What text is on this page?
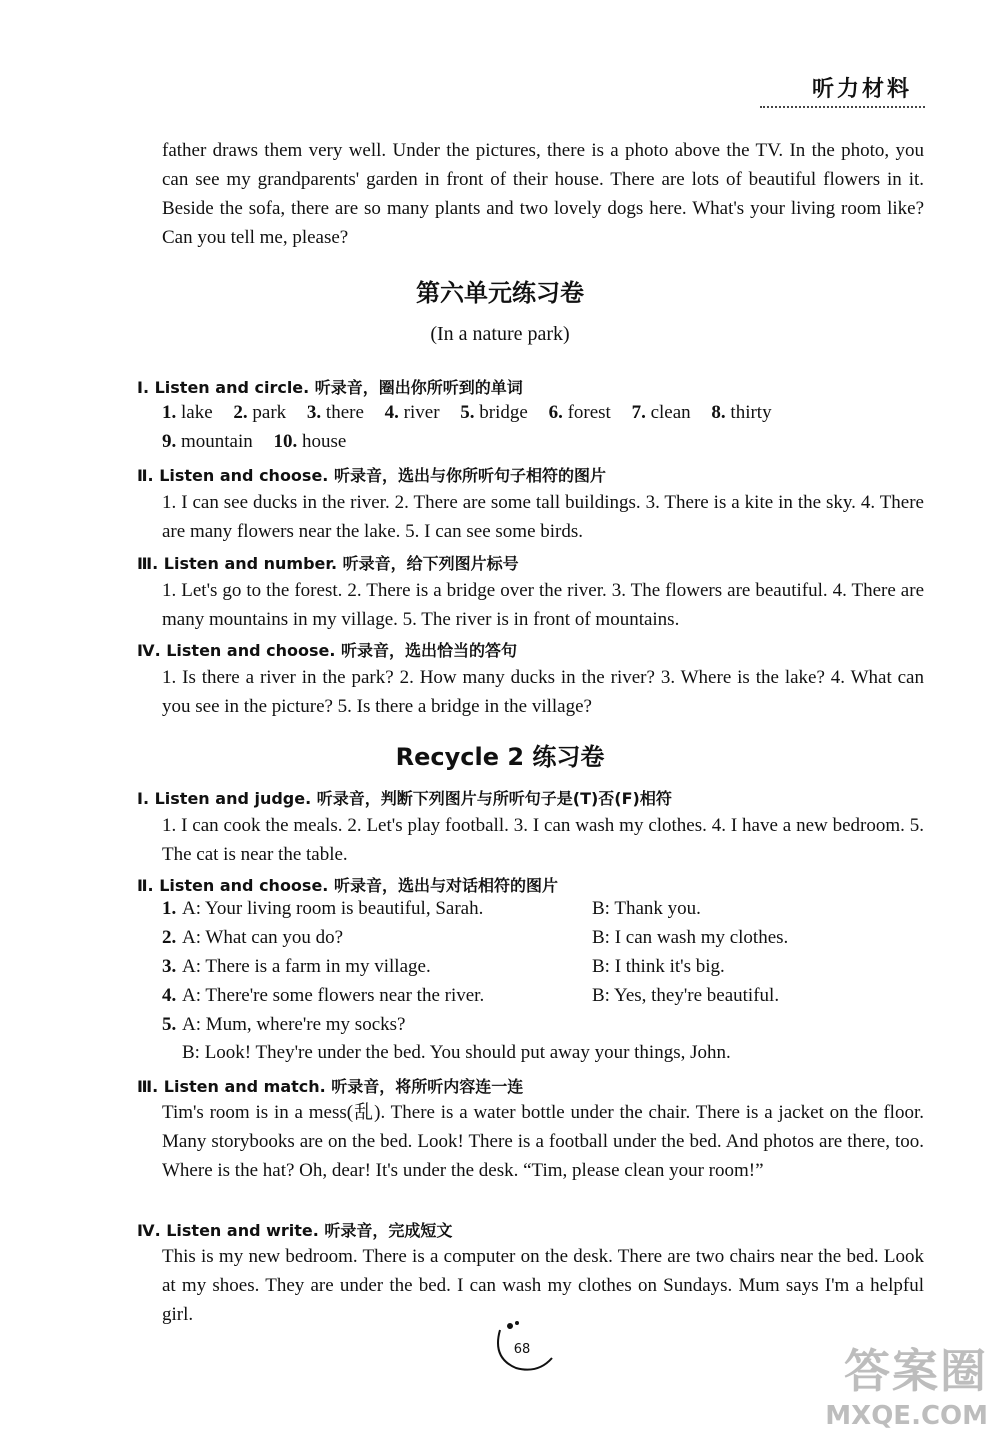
听力材料

father draws them very well. Under the pictures, there is a photo above the TV. In the photo, you can see my grandparents' garden in front of their house. There are lots of beautiful flowers in it. Beside the sofa, there are so many plants and two lovely dogs here. What's your living room like? Can you tell me, please?

第六单元练习卷
(In a nature park)
Ⅰ. Listen and circle. 听录音，圈出你所听到的单词
1. lake 2. park 3. there 4. river 5. bridge 6. forest 7. clean 8. thirty
9. mountain 10. house
Ⅱ. Listen and choose. 听录音，选出与你所听句子相符的图片

1. I can see ducks in the river. 2. There are some tall buildings. 3. There is a kite in the sky. 4. There are many flowers near the lake. 5. I can see some birds.

Ⅲ. Listen and number. 听录音，给下列图片标号

1. Let's go to the forest. 2. There is a bridge over the river. 3. The flowers are beautiful. 4. There are many mountains in my village. 5. The river is in front of mountains.

Ⅳ. Listen and choose. 听录音，选出恰当的答句

1. Is there a river in the park? 2. How many ducks in the river? 3. Where is the lake? 4. What can you see in the picture? 5. Is there a bridge in the village?

Recycle 2 练习卷
Ⅰ. Listen and judge. 听录音，判断下列图片与所听句子是(T)否(F)相符

1. I can cook the meals. 2. Let's play football. 3. I can wash my clothes. 4. I have a new bedroom. 5. The cat is near the table.

Ⅱ. Listen and choose. 听录音，选出与对话相符的图片
1. A: Your living room is beautiful, Sarah.	B: Thank you.
2. A: What can you do?	B: I can wash my clothes.
3. A: There is a farm in my village.	B: I think it's big.
4. A: There're some flowers near the river.	B: Yes, they're beautiful.
5. A: Mum, where're my socks?
B: Look! They're under the bed. You should put away your things, John.
Ⅲ. Listen and match. 听录音，将所听内容连一连

Tim's room is in a mess(乱). There is a water bottle under the chair. There is a jacket on the floor. Many storybooks are on the bed. Look! There is a football under the bed. And photos are there, too. Where is the hat? Oh, dear! It's under the desk. “Tim, please clean your room!”

Ⅳ. Listen and write. 听录音，完成短文

This is my new bedroom. There is a computer on the desk. There are two chairs near the bed. Look at my shoes. They are under the bed. I can wash my clothes on Sundays. Mum says I'm a helpful girl.

68	答案圈
MXQE.COM
